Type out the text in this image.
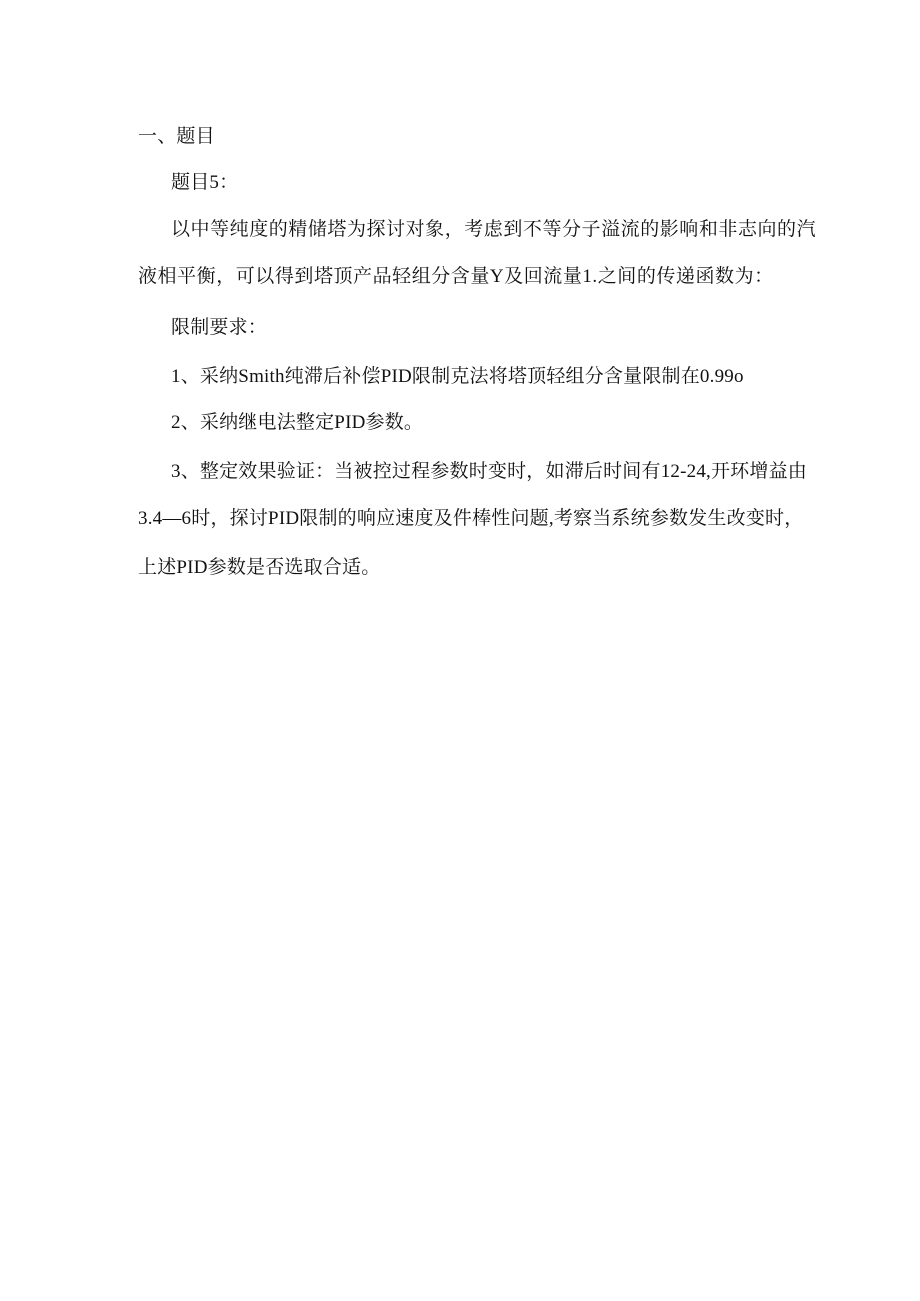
一、题目
题目5：
以中等纯度的精储塔为探讨对象，考虑到不等分子溢流的影响和非志向的汽
液相平衡，可以得到塔顶产品轻组分含量Y及回流量1.之间的传递函数为：
限制要求：
1、采纳Smith纯滞后补偿PID限制克法将塔顶轻组分含量限制在0.99o
2、采纳继电法整定PID参数。
3、整定效果验证：当被控过程参数时变时，如滞后时间有12-24,开环增益由
3.4—6时，探讨PID限制的响应速度及件棒性问题,考察当系统参数发生改变时，
上述PID参数是否选取合适。
